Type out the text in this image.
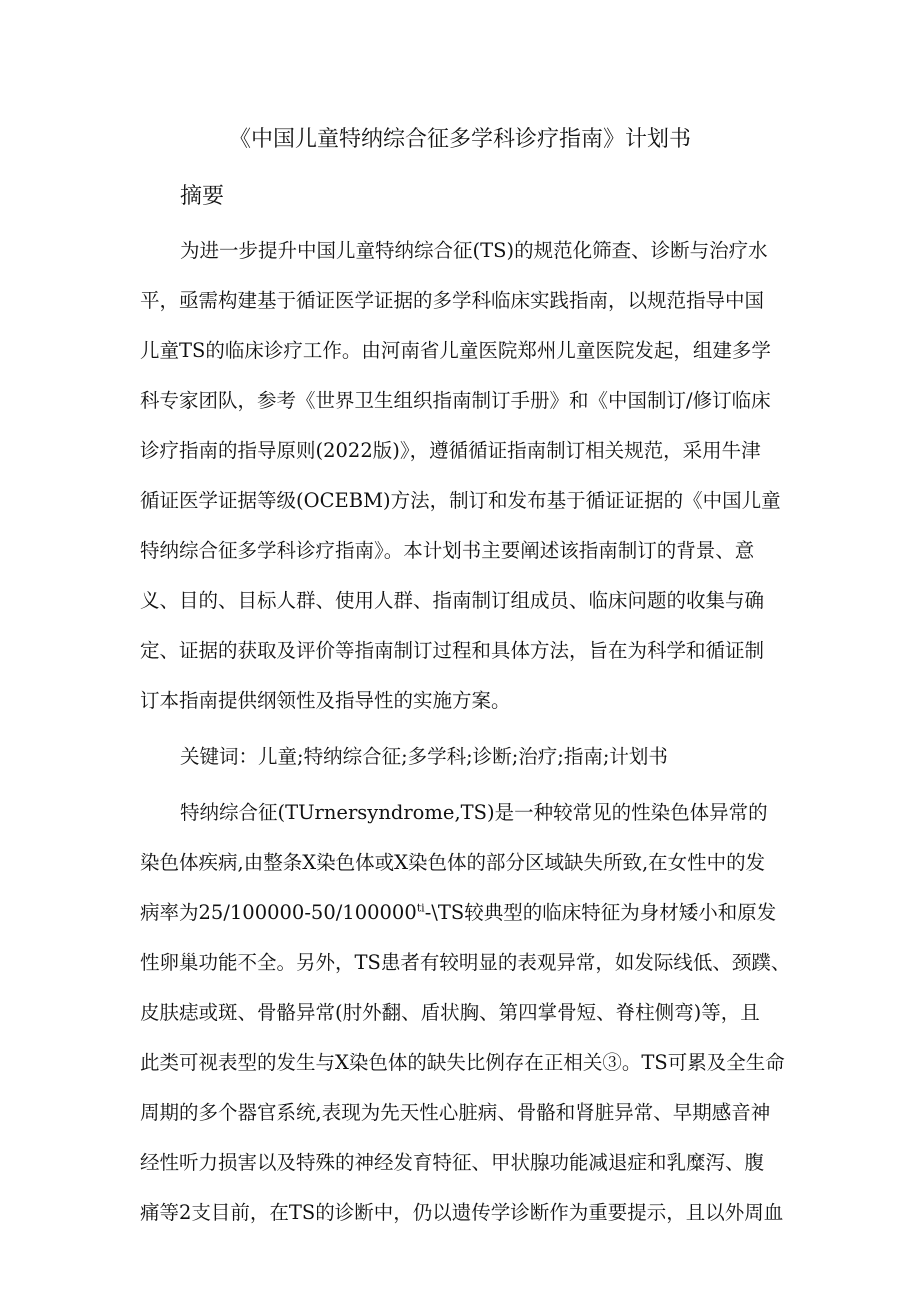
《中国儿童特纳综合征多学科诊疗指南》计划书
摘要
为进一步提升中国儿童特纳综合征(TS)的规范化筛查、诊断与治疗水
平，亟需构建基于循证医学证据的多学科临床实践指南，以规范指导中国
儿童TS的临床诊疗工作。由河南省儿童医院郑州儿童医院发起，组建多学
科专家团队，参考《世界卫生组织指南制订手册》和《中国制订/修订临床
诊疗指南的指导原则(2022版)》，遵循循证指南制订相关规范，采用牛津
循证医学证据等级(OCEBM)方法，制订和发布基于循证证据的《中国儿童
特纳综合征多学科诊疗指南》。本计划书主要阐述该指南制订的背景、意
义、目的、目标人群、使用人群、指南制订组成员、临床问题的收集与确
定、证据的获取及评价等指南制订过程和具体方法，旨在为科学和循证制
订本指南提供纲领性及指导性的实施方案。
关键词：儿童;特纳综合征;多学科;诊断;治疗;指南;计划书
特纳综合征(TUrnersyndrome,TS)是一种较常见的性染色体异常的
染色体疾病,由整条X染色体或X染色体的部分区域缺失所致,在女性中的发
病率为$25/100000-50/100000^{ti}-\backslash TS$较典型的临床特征为身材矮小和原发
性卵巢功能不全。另外，TS患者有较明显的表观异常，如发际线低、颈蹼、
皮肤痣或斑、骨骼异常(肘外翻、盾状胸、第四掌骨短、脊柱侧弯)等，且
此类可视表型的发生与X染色体的缺失比例存在正相关③。TS可累及全生命
周期的多个器官系统,表现为先天性心脏病、骨骼和肾脏异常、早期感音神
经性听力损害以及特殊的神经发育特征、甲状腺功能减退症和乳糜泻、腹
痛等2支目前，在TS的诊断中，仍以遗传学诊断作为重要提示，且以外周血
